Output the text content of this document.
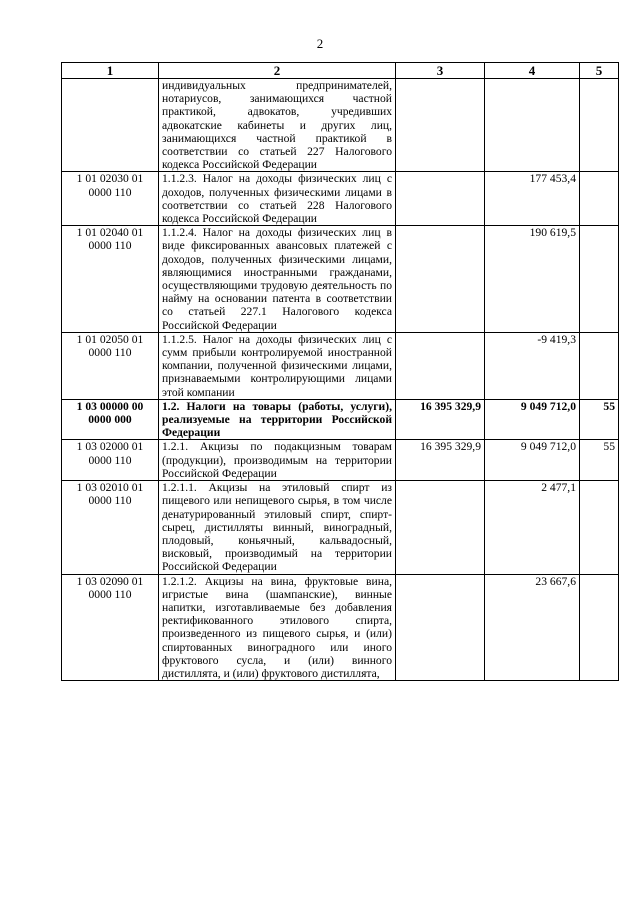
2
1	2	3	4	5
	индивидуальных предпринимателей, нотариусов, занимающихся частной практикой, адвокатов, учредивших адвокатские кабинеты и других лиц, занимающихся частной практикой в соответствии со статьей 227 Налогового кодекса Российской Федерации			
1 01 02030 01 0000 110	1.1.2.3. Налог на доходы физических лиц с доходов, полученных физическими лицами в соответствии со статьей 228 Налогового кодекса Российской Федерации		177 453,4	
1 01 02040 01 0000 110	1.1.2.4. Налог на доходы физических лиц в виде фиксированных авансовых платежей с доходов, полученных физическими лицами, являющимися иностранными гражданами, осуществляющими трудовую деятельность по найму на основании патента в соответствии со статьей 227.1 Налогового кодекса Российской Федерации		190 619,5	
1 01 02050 01 0000 110	1.1.2.5. Налог на доходы физических лиц с сумм прибыли контролируемой иностранной компании, полученной физическими лицами, признаваемыми контролирующими лицами этой компании		-9 419,3	
1 03 00000 00 0000 000	1.2. Налоги на товары (работы, услуги), реализуемые на территории Российской Федерации	16 395 329,9	9 049 712,0	55
1 03 02000 01 0000 110	1.2.1. Акцизы по подакцизным товарам (продукции), производимым на территории Российской Федерации	16 395 329,9	9 049 712,0	55
1 03 02010 01 0000 110	1.2.1.1. Акцизы на этиловый спирт из пищевого или непищевого сырья, в том числе денатурированный этиловый спирт, спирт-сырец, дистилляты винный, виноградный, плодовый, коньячный, кальвадосный, висковый, производимый на территории Российской Федерации		2 477,1	
1 03 02090 01 0000 110	1.2.1.2. Акцизы на вина, фруктовые вина, игристые вина (шампанские), винные напитки, изготавливаемые без добавления ректификованного этилового спирта, произведенного из пищевого сырья, и (или) спиртованных виноградного или иного фруктового сусла, и (или) винного дистиллята, и (или) фруктового дистиллята,		23 667,6	
